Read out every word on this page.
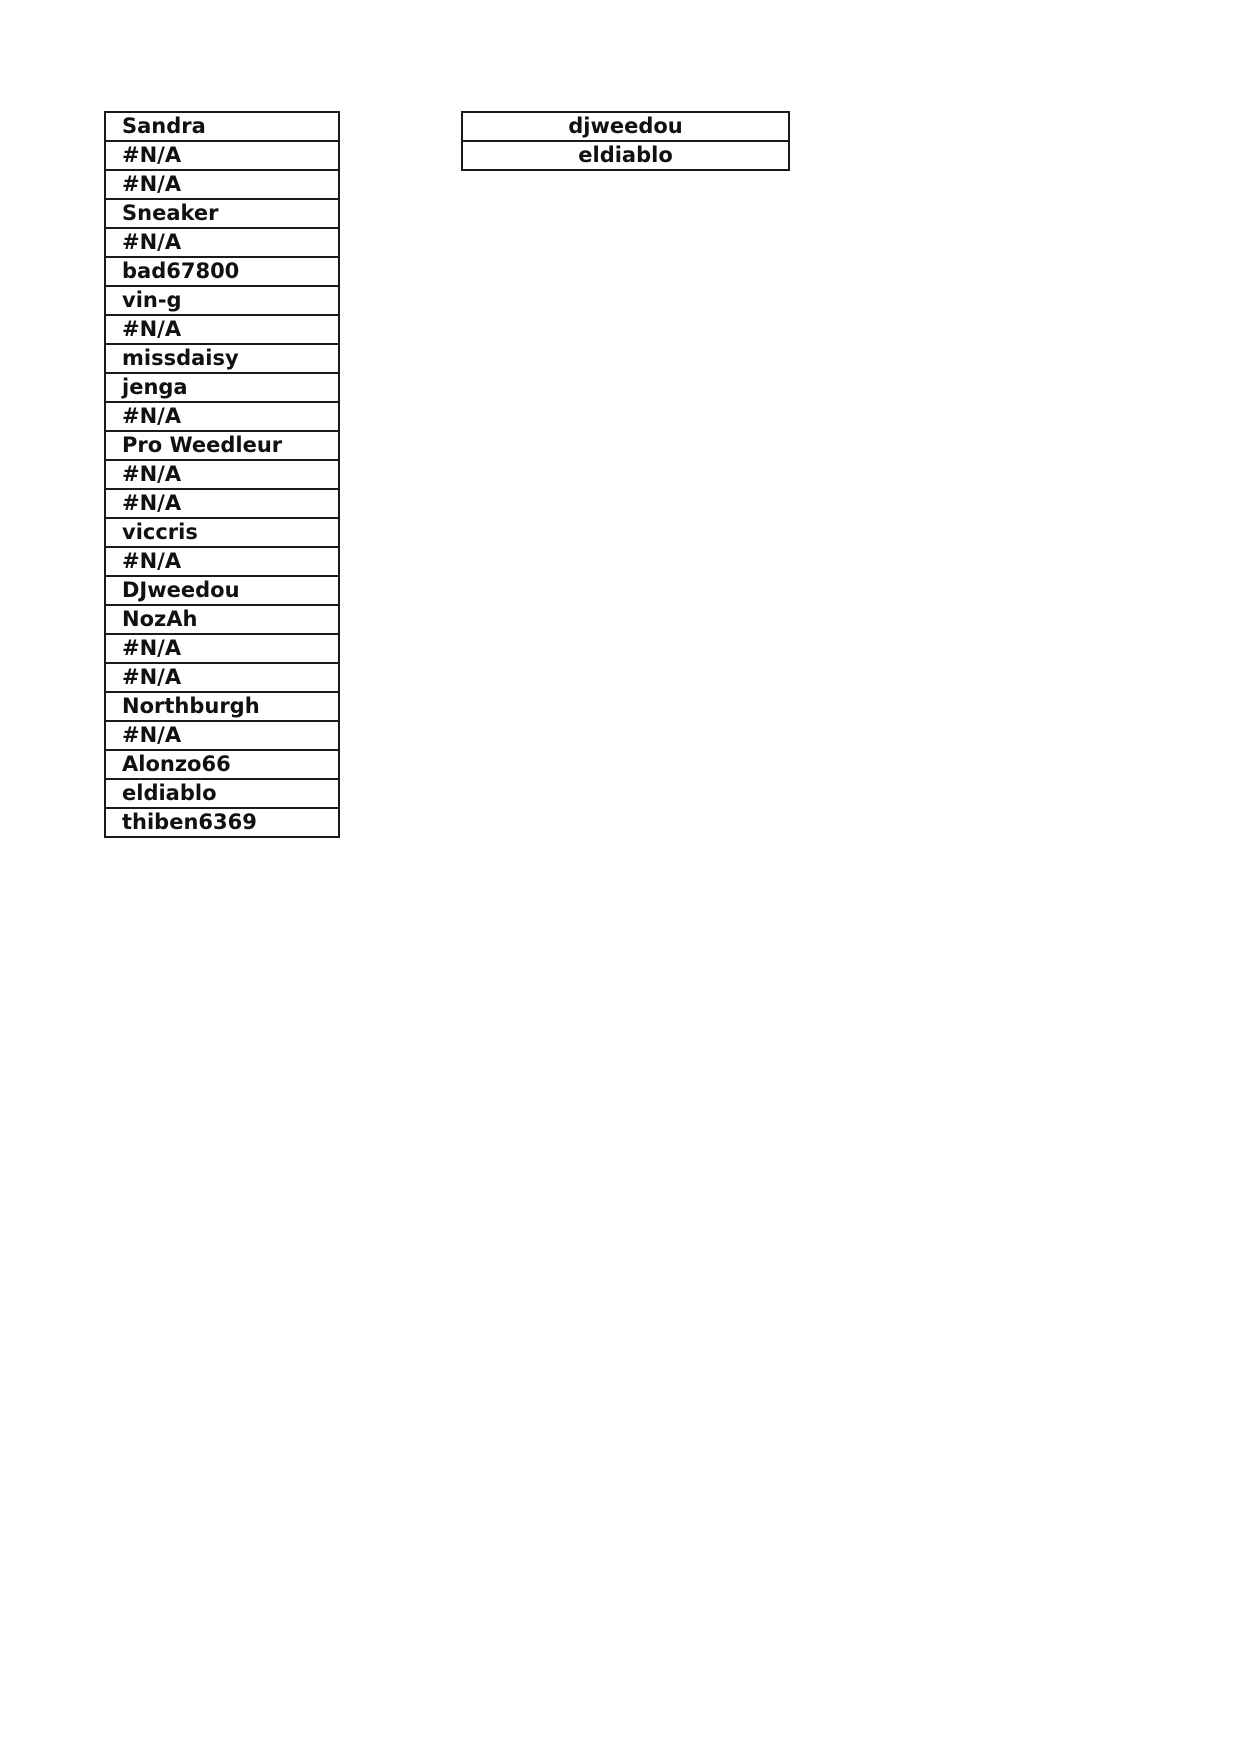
Sandra
#N/A
#N/A
Sneaker
#N/A
bad67800
vin-g
#N/A
missdaisy
jenga
#N/A
Pro Weedleur
#N/A
#N/A
viccris
#N/A
DJweedou
NozAh
#N/A
#N/A
Northburgh
#N/A
Alonzo66
eldiablo
thiben6369
djweedou
eldiablo
